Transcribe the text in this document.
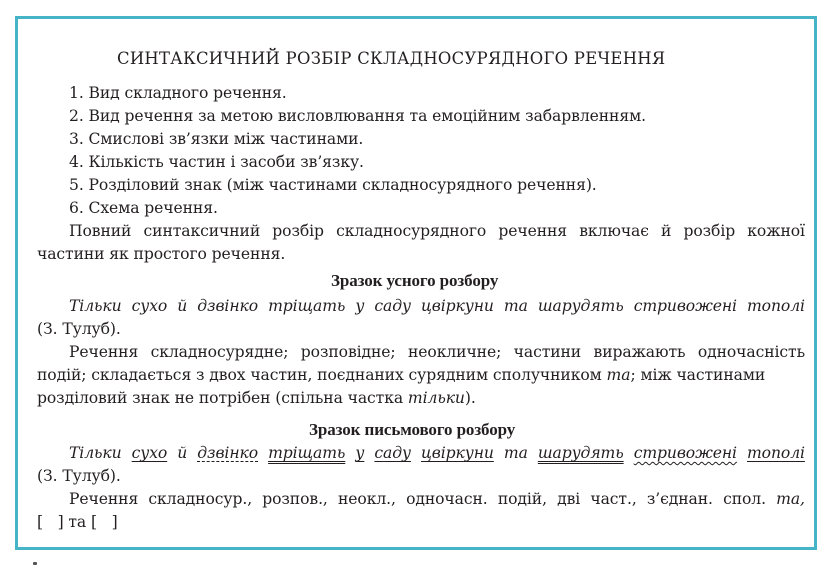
СИНТАКСИЧНИЙ РОЗБІР СКЛАДНОСУРЯДНОГО РЕЧЕННЯ
1. Вид складного речення.
2. Вид речення за метою висловлювання та емоційним забарвленням.
3. Смислові зв’язки між частинами.
4. Кількість частин і засоби зв’язку.
5. Розділовий знак (між частинами складносурядного речення).
6. Схема речення.
Повний синтаксичний розбір складносурядного речення включає й розбір кожної
частини як простого речення.
Зразок усного розбору
Тільки сухо й дзвінко тріщать у саду цвіркуни та шарудять стривожені тополі
(З. Тулуб).
Речення складносурядне; розповідне; неокличне; частини виражають одночасність
подій; складається з двох частин, поєднаних сурядним сполучником та; між частинами
розділовий знак не потрібен (спільна частка тільки).
Зразок письмового розбору
Тільки сухо й дзвінко тріщать у саду цвіркуни та шарудять стривожені тополі
(З. Тулуб).
Речення складносур., розпов., неокл., одночасн. подій, дві част., з’єднан. спол. та,
[ ] та [ ]
